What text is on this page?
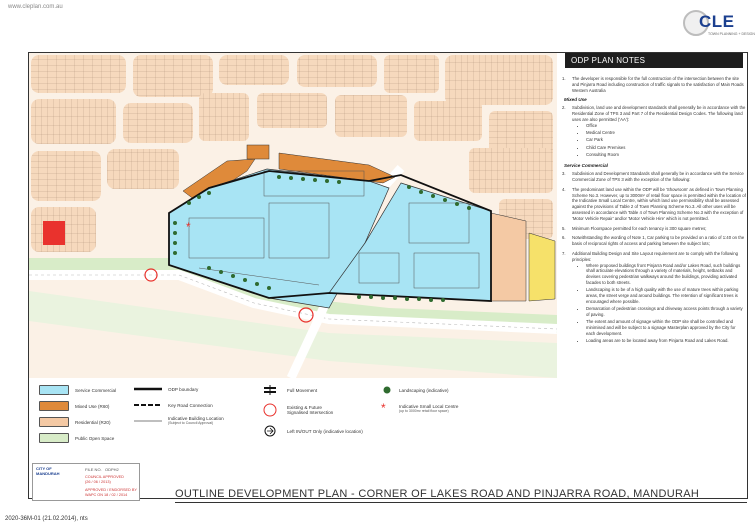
www.cleplan.com.au
CLE
TOWN PLANNING + DESIGN
*
ODP PLAN NOTES
1.	The developer is responsible for the full construction of the intersection between the site and Pinjarra Road including construction of traffic signals to the satisfaction of Main Roads Western Australia
Mixed Use
2.	Subdivision, land use and development standards shall generally be in accordance with the Residential Zone of TPS 3 and Part 7 of the Residential Design Codes. The following land uses are also permitted ('AA'):
• Office
• Medical Centre
• Car Park
• Child Care Premises
• Consulting Room
Service Commercial
3.	Subdivision and Development Standards shall generally be in accordance with the Service Commercial Zone of TPS 3 with the exception of the following:
4.	The predominant land use within the ODP will be 'Showroom' as defined in Town Planning Scheme No.3. However, up to 3000m² of retail floor space is permitted within the location of the Indicative Small Local Centre, within which land use permissibility shall be assessed against the provisions of Table 2 of Town Planning Scheme No.3. All other uses will be assessed in accordance with Table 4 of Town Planning Scheme No.3 with the exception of 'Motor Vehicle Repair' and/or 'Motor Vehicle Hire' which is not permitted.
5.	Minimum Floorspace permitted for each tenancy is 300 square metres;
6.	Notwithstanding the wording of Note 1, Car parking to be provided on a ratio of 1:40 on the basis of reciprocal rights of access and parking between the subject lots;
7.	Additional Building Design and Site Layout requirement are to comply with the following principles:
• Where proposed buildings front Pinjarra Road and/or Lakes Road, such buildings shall articulate elevations through a variety of materials, height, setbacks and devises covering pedestrian walkways around the buildings, providing activated facades to both streets.
• Landscaping is to be of a high quality with the use of mature trees within parking areas, the street verge and around buildings. The retention of significant trees is encouraged where possible.
• Demarcation of pedestrian crossings and driveway access points through a variety of paving.
• The extent and amount of signage within the ODP site shall be controlled and minimised and will be subject to a signage Masterplan approved by the City for each development.
• Loading areas are to be located away from Pinjarra Road and Lakes Road.
Service Commercial
Mixed Use (R60)
Residential (R20)
Public Open Space
ODP boundary
Key Road Connection
Indicative Building Location
(Subject to Council Approval)
Full Movement
Existing & Future
Signalised Intersection
Left IN/OUT Only (indicative location)
Landscaping (indicative)
*	Indicative Small Local Centre
(up to 3000m² retail floor space)
CITY OF MANDURAH
FILE NO. ODPH2
COUNCIL APPROVED
(26 / 06 / 2013)
APPROVED / ENDORSED BY
WAPC ON 18 / 02 / 2014	OUTLINE DEVELOPMENT PLAN - CORNER OF LAKES ROAD AND PINJARRA ROAD, MANDURAH
2020-36M-01 (21.02.2014), nts
